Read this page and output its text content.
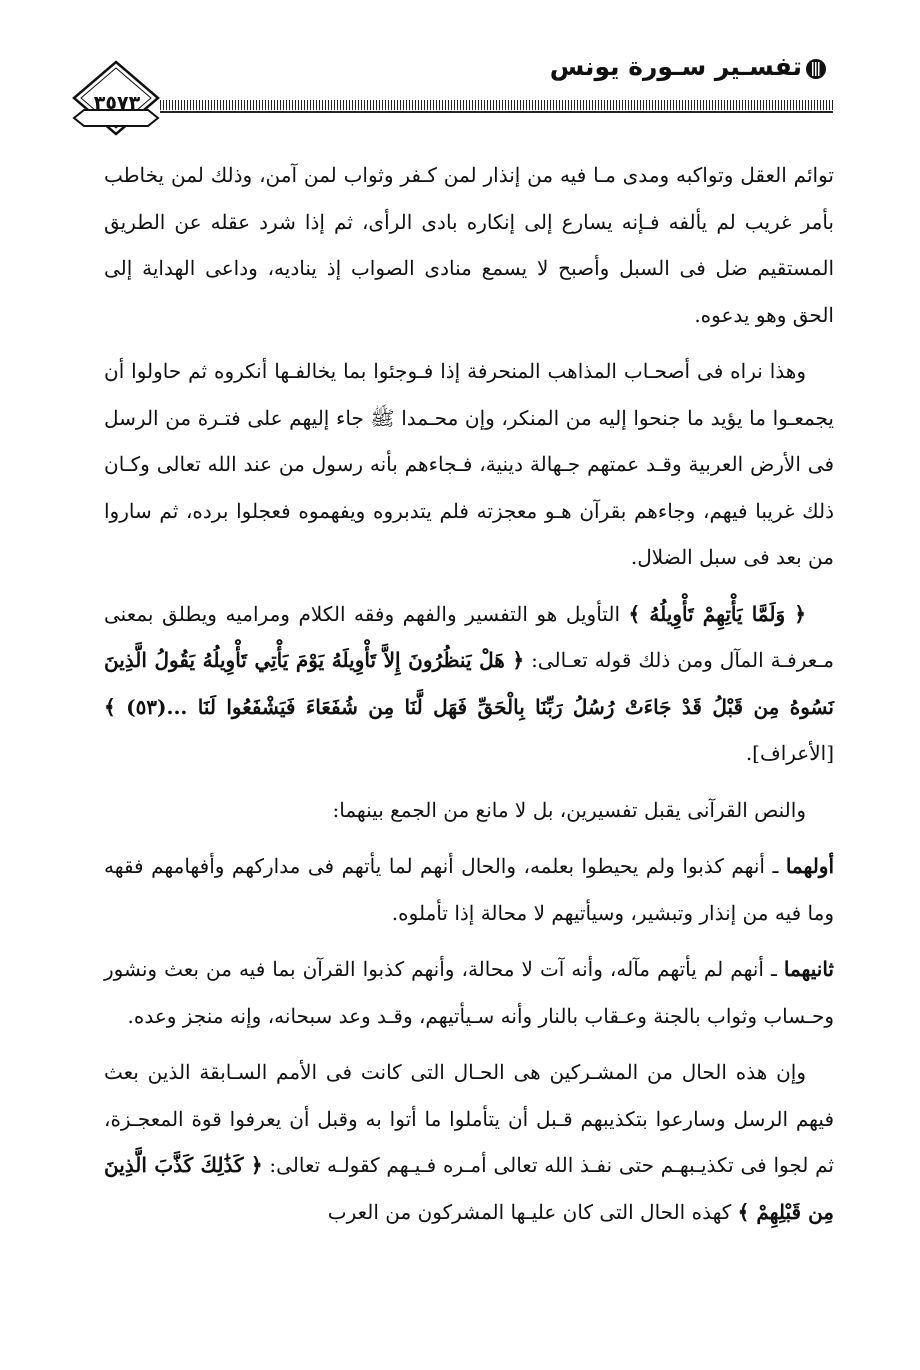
تفسـير سـورة يونس
٣٥٧٣

توائم العقل وتواكبه ومدى مـا فيه من إنذار لمن كـفر وثواب لمن آمن، وذلك لمن يخاطب بأمر غريب لم يألفه فـإنه يسارع إلى إنكاره بادى الرأى، ثم إذا شرد عقله عن الطريق المستقيم ضل فى السبل وأصبح لا يسمع منادى الصواب إذ يناديه، وداعى الهداية إلى الحق وهو يدعوه.

وهذا نراه فى أصحـاب المذاهب المنحرفة إذا فـوجئوا بما يخالفـها أنكروه ثم حاولوا أن يجمعـوا ما يؤيد ما جنحوا إليه من المنكر، وإن محـمدا ﷺ جاء إليهم على فتـرة من الرسل فى الأرض العربية وقـد عمتهم جـهالة دينية، فـجاءهم بأنه رسول من عند الله تعالى وكـان ذلك غريبا فيهم، وجاءهم بقرآن هـو معجزته فلم يتدبروه ويفهموه فعجلوا برده، ثم ساروا من بعد فى سبل الضلال.

﴿ وَلَمَّا يَأْتِهِمْ تَأْوِيلُهُ ﴾ التأويل هو التفسير والفهم وفقه الكلام ومراميه ويطلق بمعنى مـعرفـة المآل ومن ذلك قوله تعـالى: ﴿ هَلْ يَنظُرُونَ إِلاَّ تَأْوِيلَهُ يَوْمَ يَأْتِي تَأْوِيلُهُ يَقُولُ الَّذِينَ نَسُوهُ مِن قَبْلُ قَدْ جَاءَتْ رُسُلُ رَبِّنَا بِالْحَقِّ فَهَل لَّنَا مِن شُفَعَاءَ فَيَشْفَعُوا لَنَا ...(٥٣) ﴾ [الأعراف].

والنص القرآنى يقبل تفسيرين، بل لا مانع من الجمع بينهما:

أولهما ـ أنهم كذبوا ولم يحيطوا بعلمه، والحال أنهم لما يأتهم فى مداركهم وأفهامهم فقهه وما فيه من إنذار وتبشير، وسيأتيهم لا محالة إذا تأملوه.

ثانيهما ـ أنهم لم يأتهم مآله، وأنه آت لا محالة، وأنهم كذبوا القرآن بما فيه من بعث ونشور وحـساب وثواب بالجنة وعـقاب بالنار وأنه سـيأتيهم، وقـد وعد سبحانه، وإنه منجز وعده.

وإن هذه الحال من المشـركين هى الحـال التى كانت فى الأمم السـابقة الذين بعث فيهم الرسل وسارعوا بتكذيبهم قـبل أن يتأملوا ما أتوا به وقبل أن يعرفوا قوة المعجـزة، ثم لجوا فى تكذيـبهـم حتى نفـذ الله تعالى أمـره فـيـهم كقولـه تعالى: ﴿ كَذَٰلِكَ كَذَّبَ الَّذِينَ مِن قَبْلِهِمْ ﴾ كهذه الحال التى كان عليـها المشركون من العرب
